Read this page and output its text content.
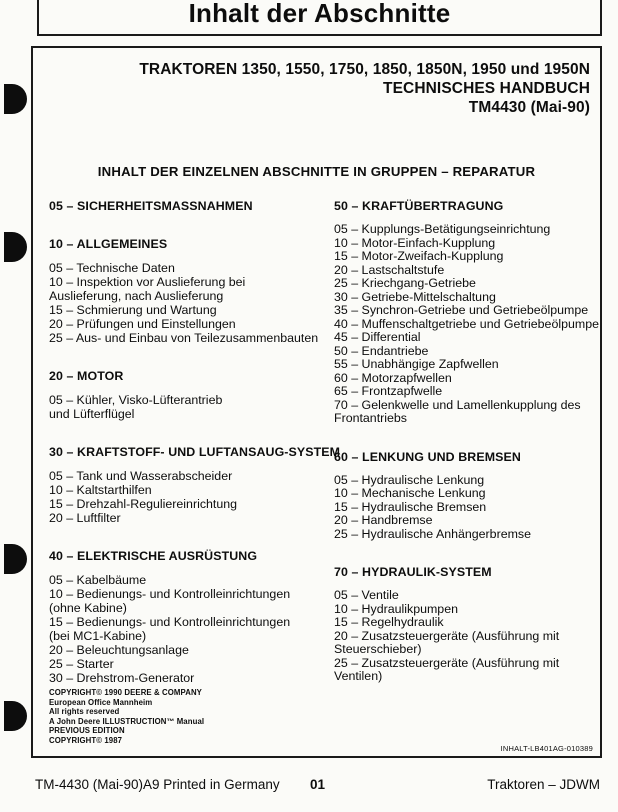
Inhalt der Abschnitte
TRAKTOREN 1350, 1550, 1750, 1850, 1850N, 1950 und 1950N
TECHNISCHES HANDBUCH
TM4430 (Mai-90)
INHALT DER EINZELNEN ABSCHNITTE IN GRUPPEN – REPARATUR
05 – SICHERHEITSMASSNAHMEN
10 – ALLGEMEINES
05 – Technische Daten
10 – Inspektion vor Auslieferung bei
Auslieferung, nach Auslieferung
15 – Schmierung und Wartung
20 – Prüfungen und Einstellungen
25 – Aus- und Einbau von Teilezusammenbauten
20 – MOTOR
05 – Kühler, Visko-Lüfterantrieb
und Lüfterflügel
30 – KRAFTSTOFF- UND LUFTANSAUG-SYSTEM
05 – Tank und Wasserabscheider
10 – Kaltstarthilfen
15 – Drehzahl-Reguliereinrichtung
20 – Luftfilter
40 – ELEKTRISCHE AUSRÜSTUNG
05 – Kabelbäume
10 – Bedienungs- und Kontrolleinrichtungen
(ohne Kabine)
15 – Bedienungs- und Kontrolleinrichtungen
(bei MC1-Kabine)
20 – Beleuchtungsanlage
25 – Starter
30 – Drehstrom-Generator
50 – KRAFTÜBERTRAGUNG
05 – Kupplungs-Betätigungseinrichtung
10 – Motor-Einfach-Kupplung
15 – Motor-Zweifach-Kupplung
20 – Lastschaltstufe
25 – Kriechgang-Getriebe
30 – Getriebe-Mittelschaltung
35 – Synchron-Getriebe und Getriebeölpumpe
40 – Muffenschaltgetriebe und Getriebeölpumpe
45 – Differential
50 – Endantriebe
55 – Unabhängige Zapfwellen
60 – Motorzapfwellen
65 – Frontzapfwelle
70 – Gelenkwelle und Lamellenkupplung des
Frontantriebs
60 – LENKUNG UND BREMSEN
05 – Hydraulische Lenkung
10 – Mechanische Lenkung
15 – Hydraulische Bremsen
20 – Handbremse
25 – Hydraulische Anhängerbremse
70 – HYDRAULIK-SYSTEM
05 – Ventile
10 – Hydraulikpumpen
15 – Regelhydraulik
20 – Zusatzsteuergeräte (Ausführung mit
Steuerschieber)
25 – Zusatzsteuergeräte (Ausführung mit
Ventilen)
COPYRIGHT© 1990 DEERE & COMPANY
European Office Mannheim
All rights reserved
A John Deere ILLUSTRUCTION™ Manual
PREVIOUS EDITION
COPYRIGHT© 1987
INHALT-LB401AG-010389
01
TM-4430 (Mai-90)A9 Printed in Germany	Traktoren – JDWM
